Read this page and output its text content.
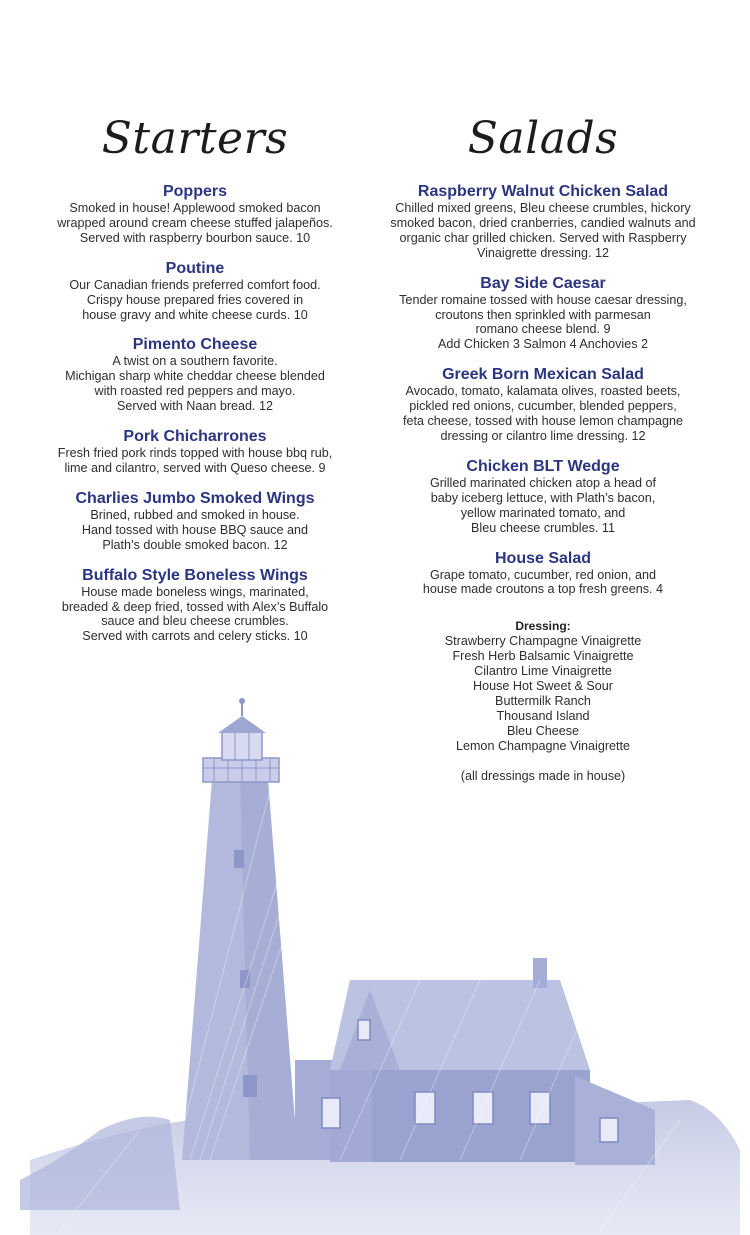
Starters

Poppers

Smoked in house! Applewood smoked bacon
wrapped around cream cheese stuffed jalapeños.
Served with raspberry bourbon sauce. 10

Poutine

Our Canadian friends preferred comfort food.
Crispy house prepared fries covered in
house gravy and white cheese curds. 10

Pimento Cheese

A twist on a southern favorite.
Michigan sharp white cheddar cheese blended
with roasted red peppers and mayo.
Served with Naan bread. 12

Pork Chicharrones

Fresh fried pork rinds topped with house bbq rub,
lime and cilantro, served with Queso cheese. 9

Charlies Jumbo Smoked Wings

Brined, rubbed and smoked in house.
Hand tossed with house BBQ sauce and
Plath’s double smoked bacon. 12

Buffalo Style Boneless Wings

House made boneless wings, marinated,
breaded & deep fried, tossed with Alex’s Buffalo
sauce and bleu cheese crumbles.
Served with carrots and celery sticks. 10

Salads

Raspberry Walnut Chicken Salad

Chilled mixed greens, Bleu cheese crumbles, hickory
smoked bacon, dried cranberries, candied walnuts and
organic char grilled chicken. Served with Raspberry
Vinaigrette dressing. 12

Bay Side Caesar

Tender romaine tossed with house caesar dressing,
croutons then sprinkled with parmesan
romano cheese blend. 9
Add Chicken 3 Salmon 4 Anchovies 2

Greek Born Mexican Salad

Avocado, tomato, kalamata olives, roasted beets,
pickled red onions, cucumber, blended peppers,
feta cheese, tossed with house lemon champagne
dressing or cilantro lime dressing. 12

Chicken BLT Wedge

Grilled marinated chicken atop a head of
baby iceberg lettuce, with Plath’s bacon,
yellow marinated tomato, and
Bleu cheese crumbles. 11

House Salad

Grape tomato, cucumber, red onion, and
house made croutons a top fresh greens. 4

Dressing:
Strawberry Champagne Vinaigrette
Fresh Herb Balsamic Vinaigrette
Cilantro Lime Vinaigrette
House Hot Sweet & Sour
Buttermilk Ranch
Thousand Island
Bleu Cheese
Lemon Champagne Vinaigrette

(all dressings made in house)
